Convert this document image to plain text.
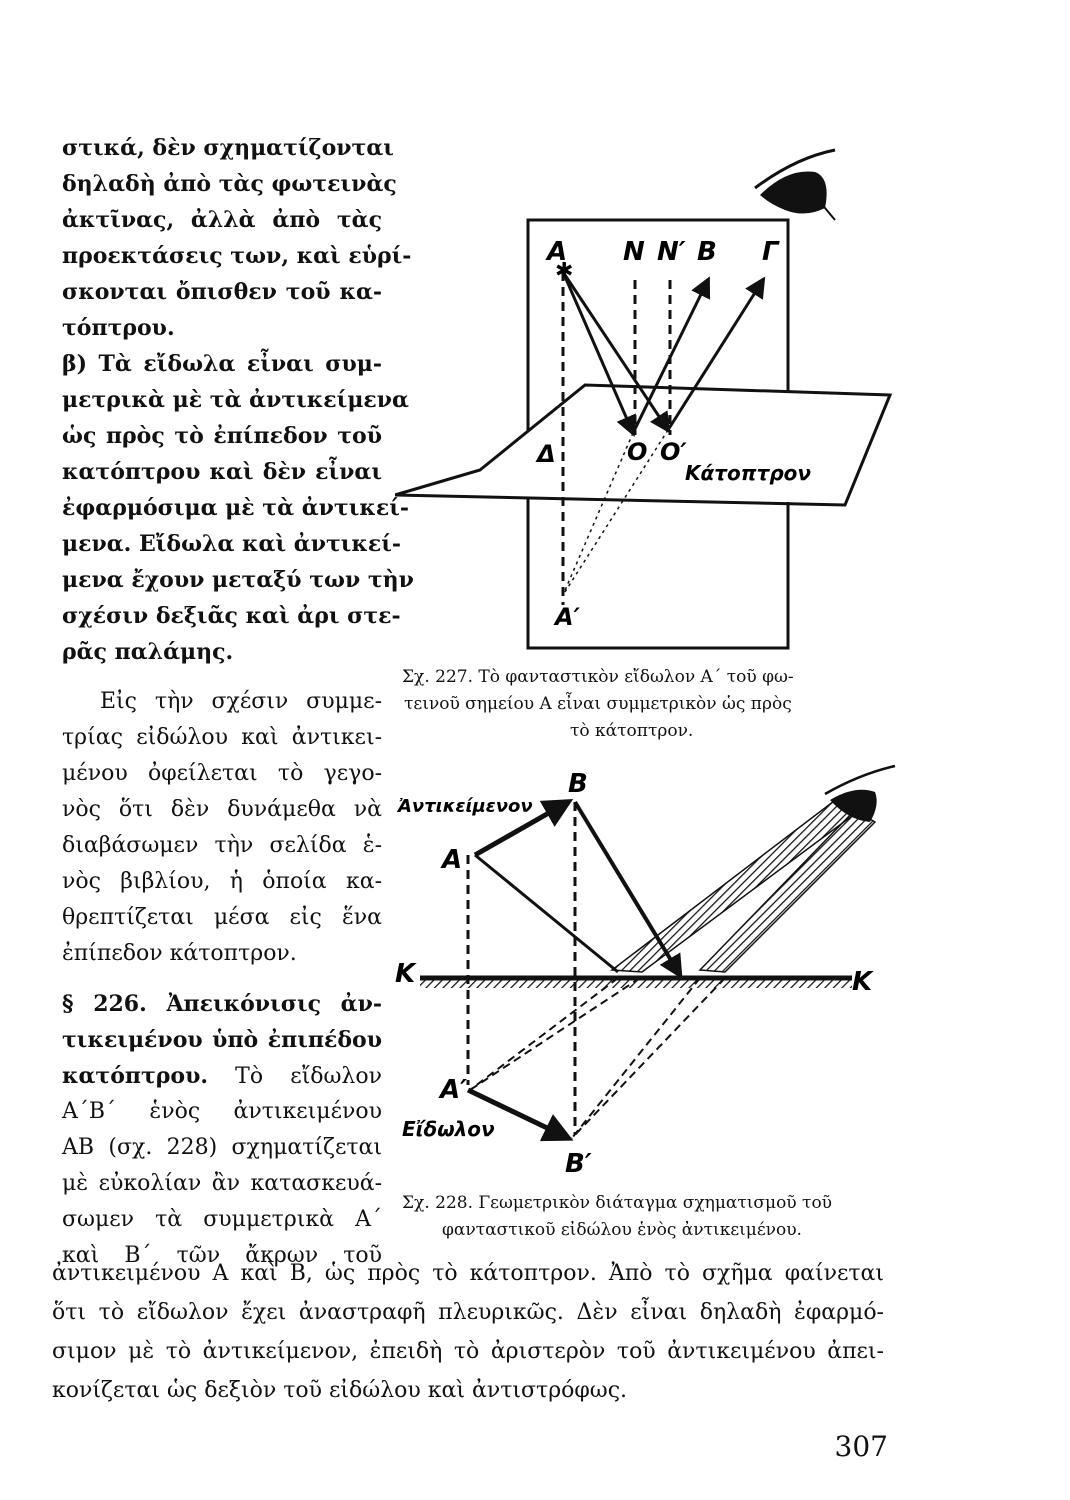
στικά, δὲν σχηματίζονται
δηλαδὴ ἀπὸ τὰς φωτεινὰς
ἀκτῖνας, ἀλλὰ ἀπὸ τὰς
προεκτάσεις των, καὶ εὑρί-
σκονται ὄπισθεν τοῦ κα-
τόπτρου.
β) Τὰ εἴδωλα εἶναι συμ-
μετρικὰ μὲ τὰ ἀντικείμενα
ὡς πρὸς τὸ ἐπίπεδον τοῦ
κατόπτρου καὶ δὲν εἶναι
ἐφαρμόσιμα μὲ τὰ ἀντικεί-
μενα. Εἴδωλα καὶ ἀντικεί-
μενα ἔχουν μεταξύ των τὴν
σχέσιν δεξιᾶς καὶ ἀρι στε-
ρᾶς παλάμης.
Εἰς τὴν σχέσιν συμμε-
τρίας εἰδώλου καὶ ἀντικει-
μένου ὀφείλεται τὸ γεγο-
νὸς ὅτι δὲν δυνάμεθα νὰ
διαβάσωμεν τὴν σελίδα ἑ-
νὸς βιβλίου, ἡ ὁποία κα-
θρεπτίζεται μέσα εἰς ἕνα
ἐπίπεδον κάτοπτρον.
§ 226. Ἀπεικόνισις ἀν-
τικειμένου ὑπὸ ἐπιπέδου
κατόπτρου. Τὸ εἴδωλον
Α΄Β΄ ἑνὸς ἀντικειμένου
ΑΒ (σχ. 228) σχηματίζεται
μὲ εὐκολίαν ἂν κατασκευά-
σωμεν τὰ συμμετρικὰ Α΄
καὶ Β΄ τῶν ἄκρων τοῦ
✱
A N N′ B Γ
Δ	O O′
Κάτοπτρον
A′
Σχ. 227. Τὸ φανταστικὸν εἴδωλον Α΄ τοῦ φω-
τεινοῦ σημείου Α εἶναι συμμετρικὸν ὡς πρὸς
τὸ κάτοπτρον.
Ἀντικείμενον
B
A
K	K
A′
Εἴδωλον
B′
Σχ. 228. Γεωμετρικὸν διάταγμα σχηματισμοῦ τοῦ
φανταστικοῦ εἰδώλου ἑνὸς ἀντικειμένου.
ἀντικειμένου Α καὶ Β, ὡς πρὸς τὸ κάτοπτρον. Ἀπὸ τὸ σχῆμα φαίνεται
ὅτι τὸ εἴδωλον ἔχει ἀναστραφῆ πλευρικῶς. Δὲν εἶναι δηλαδὴ ἐφαρμό-
σιμον μὲ τὸ ἀντικείμενον, ἐπειδὴ τὸ ἀριστερὸν τοῦ ἀντικειμένου ἀπει-
κονίζεται ὡς δεξιὸν τοῦ εἰδώλου καὶ ἀντιστρόφως.
307
